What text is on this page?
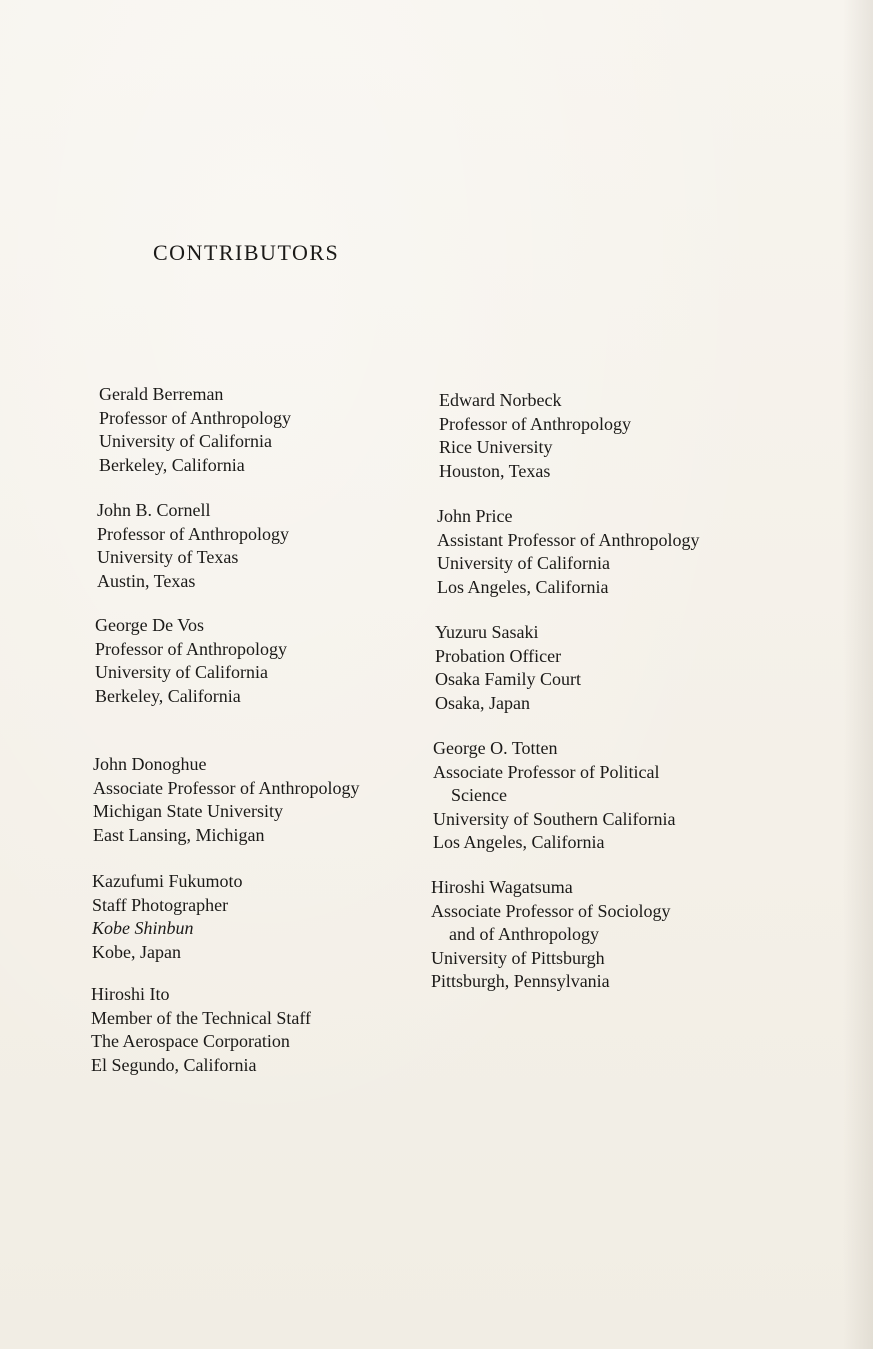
CONTRIBUTORS
Gerald Berreman
Professor of Anthropology
University of California
Berkeley, California
John B. Cornell
Professor of Anthropology
University of Texas
Austin, Texas
George De Vos
Professor of Anthropology
University of California
Berkeley, California
John Donoghue
Associate Professor of Anthropology
Michigan State University
East Lansing, Michigan
Kazufumi Fukumoto
Staff Photographer
Kobe Shinbun
Kobe, Japan
Hiroshi Ito
Member of the Technical Staff
The Aerospace Corporation
El Segundo, California
Edward Norbeck
Professor of Anthropology
Rice University
Houston, Texas
John Price
Assistant Professor of Anthropology
University of California
Los Angeles, California
Yuzuru Sasaki
Probation Officer
Osaka Family Court
Osaka, Japan
George O. Totten
Associate Professor of Political
Science
University of Southern California
Los Angeles, California
Hiroshi Wagatsuma
Associate Professor of Sociology
and of Anthropology
University of Pittsburgh
Pittsburgh, Pennsylvania
